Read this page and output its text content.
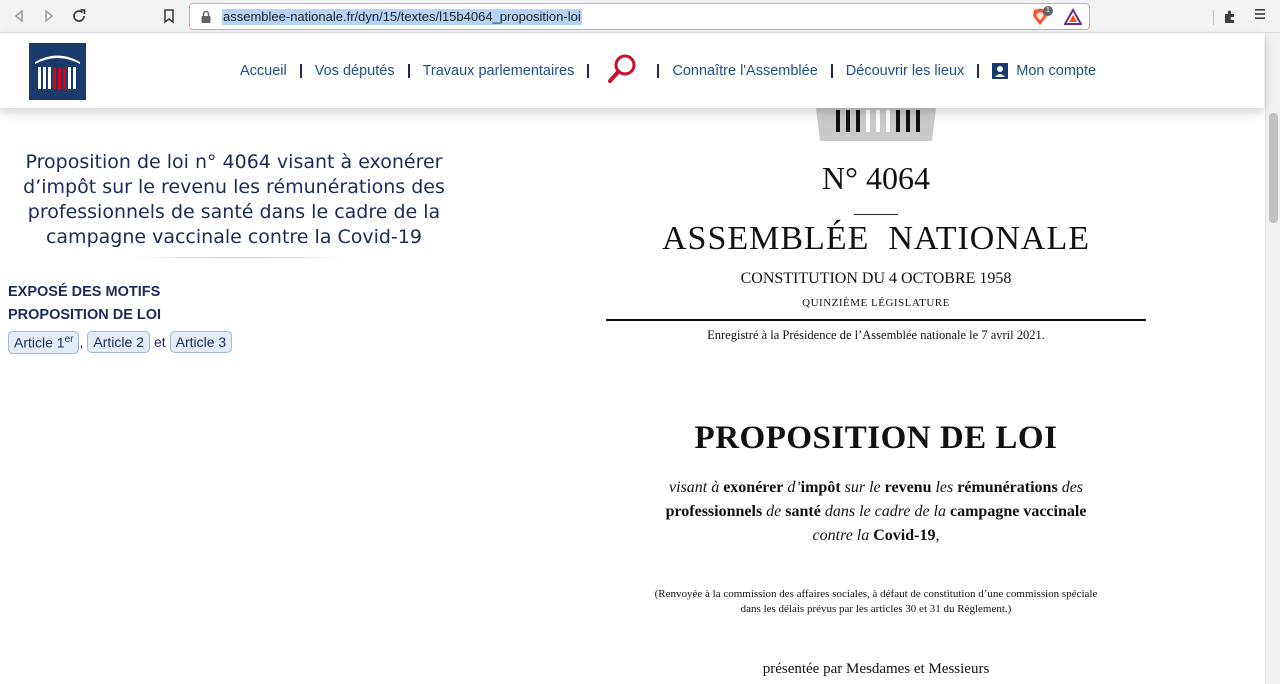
assemblee-nationale.fr/dyn/15/textes/l15b4064_proposition-loi	1
Accueil Vos députés Travaux parlementaires	Connaître l'Assemblée Découvrir les lieux	Mon compte
Proposition de loi n° 4064 visant à exonérer d’impôt sur le revenu les rémunérations des professionnels de santé dans le cadre de la campagne vaccinale contre la Covid-19
EXPOSÉ DES MOTIFS
PROPOSITION DE LOI
Article 1er , Article 2 et Article 3
N° 4064
ASSEMBLÉE  NATIONALE
CONSTITUTION DU 4 OCTOBRE 1958
QUINZIÈME LÉGISLATURE
Enregistré à la Présidence de l’Assemblée nationale le 7 avril 2021.
PROPOSITION DE LOI
visant à exonérer d’impôt sur le revenu les rémunérations des
professionnels de santé dans le cadre de la campagne vaccinale
contre la Covid-19,
(Renvoyée à la commission des affaires sociales, à défaut de constitution d’une commission spéciale
dans les délais prévus par les articles 30 et 31 du Règlement.)
présentée par Mesdames et Messieurs
